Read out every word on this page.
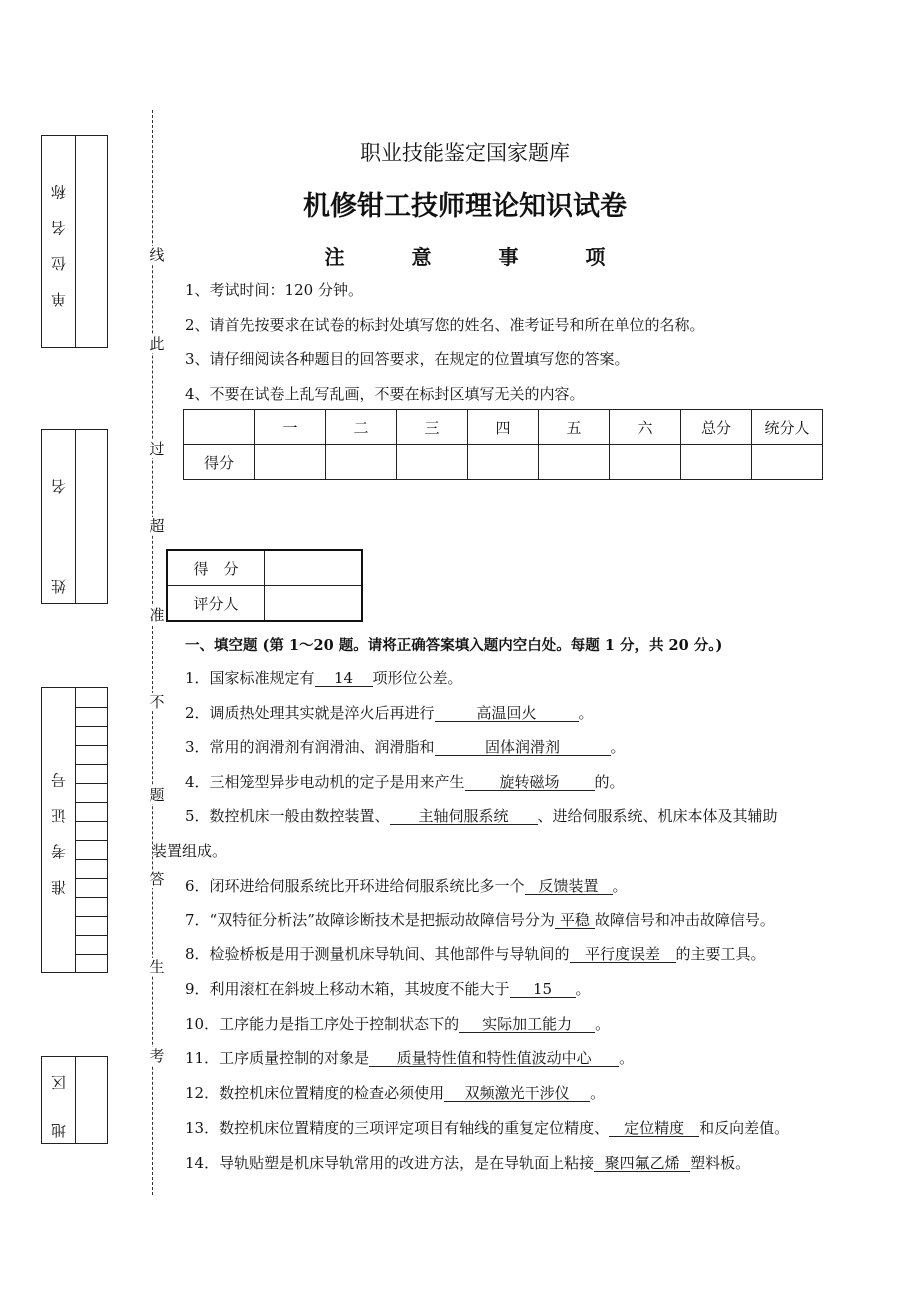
单 位 名 称
姓 名
准 考 证 号
地 区
线
此
过
超
准
不
题
答
生
考
职业技能鉴定国家题库
机修钳工技师理论知识试卷
注 意 事 项
1、考试时间：120 分钟。
2、请首先按要求在试卷的标封处填写您的姓名、准考证号和所在单位的名称。
3、请仔细阅读各种题目的回答要求，在规定的位置填写您的答案。
4、不要在试卷上乱写乱画，不要在标封区填写无关的内容。
	一	二	三	四	五	六	总分	统分人
得分								
得　分	
评分人	
一、填空题 (第 1～20 题。请将正确答案填入题内空白处。每题 1 分，共 20 分。)
1．国家标准规定有 14 项形位公差。
2．调质热处理其实就是淬火后再进行	高温回火	。
3．常用的润滑剂有润滑油、润滑脂和	固体润滑剂	。
4．三相笼型异步电动机的定子是用来产生 旋转磁场 的。
5．数控机床一般由数控装置、 主轴伺服系统 、进给伺服系统、机床本体及其辅助
装置组成。
6．闭环进给伺服系统比开环进给伺服系统比多一个 反馈装置 。
7．“双特征分析法”故障诊断技术是把振动故障信号分为 平稳 故障信号和冲击故障信号。
8．检验桥板是用于测量机床导轨间、其他部件与导轨间的 平行度误差 的主要工具。
9．利用滚杠在斜坡上移动木箱，其坡度不能大于 15 。
10．工序能力是指工序处于控制状态下的 实际加工能力 。
11．工序质量控制的对象是 质量特性值和特性值波动中心 。
12．数控机床位置精度的检查必须使用 双频激光干涉仪 。
13．数控机床位置精度的三项评定项目有轴线的重复定位精度、 定位精度 和反向差值。
14．导轨贴塑是机床导轨常用的改进方法，是在导轨面上粘接 聚四氟乙烯 塑料板。
